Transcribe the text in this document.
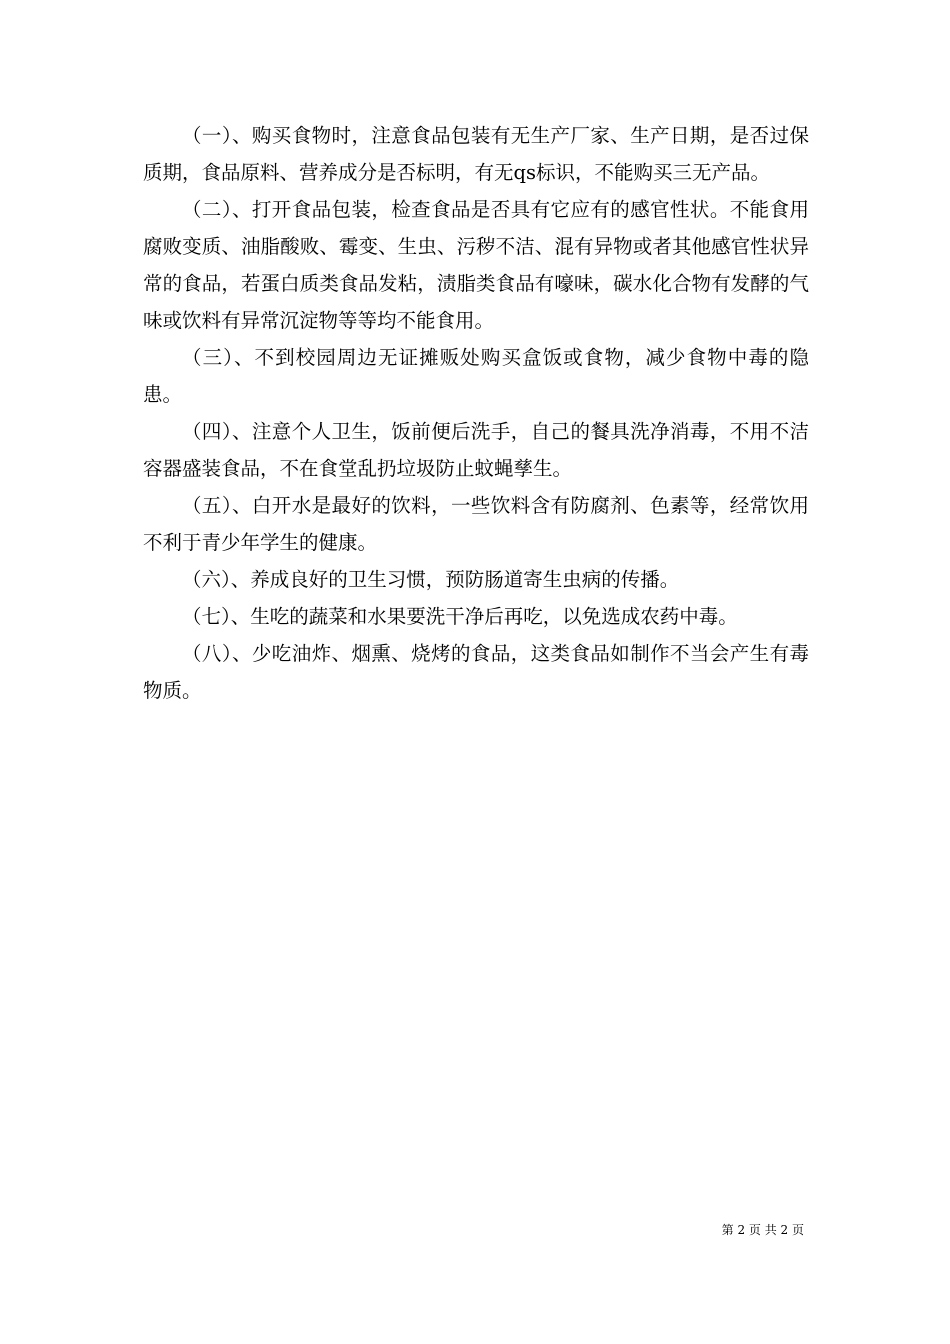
（一）、购买食物时，注意食品包装有无生产厂家、生产日期，是否过保质期，食品原料、营养成分是否标明，有无qs标识，不能购买三无产品。

（二）、打开食品包装，检查食品是否具有它应有的感官性状。不能食用腐败变质、油脂酸败、霉变、生虫、污秽不洁、混有异物或者其他感官性状异常的食品，若蛋白质类食品发粘，渍脂类食品有嚎味，碳水化合物有发酵的气味或饮料有异常沉淀物等等均不能食用。

（三）、不到校园周边无证摊贩处购买盒饭或食物，减少食物中毒的隐患。

（四）、注意个人卫生，饭前便后洗手，自己的餐具洗净消毒，不用不洁容器盛装食品，不在食堂乱扔垃圾防止蚊蝇孳生。

（五）、白开水是最好的饮料，一些饮料含有防腐剂、色素等，经常饮用不利于青少年学生的健康。

（六）、养成良好的卫生习惯，预防肠道寄生虫病的传播。

（七）、生吃的蔬菜和水果要洗干净后再吃，以免选成农药中毒。

（八）、少吃油炸、烟熏、烧烤的食品，这类食品如制作不当会产生有毒物质。

第 2 页 共 2 页
